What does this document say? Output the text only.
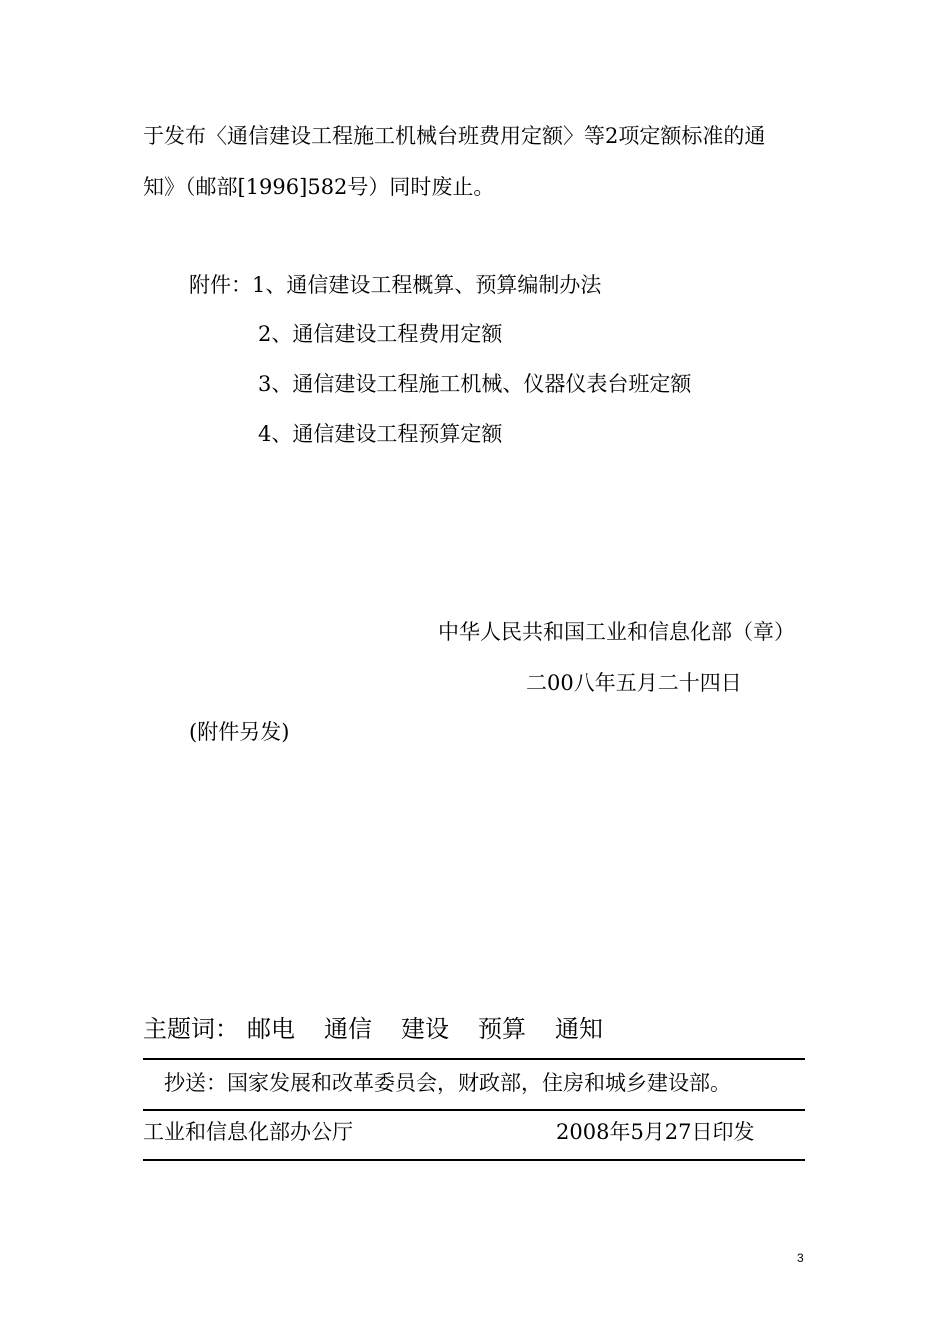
于发布〈通信建设工程施工机械台班费用定额〉等2项定额标准的通
知》（邮部[1996]582号）同时废止。
附件： 1、通信建设工程概算、预算编制办法
2、通信建设工程费用定额
3、通信建设工程施工机械、仪器仪表台班定额
4、通信建设工程预算定额
中华人民共和国工业和信息化部（章）
二00八年五月二十四日
(附件另发)
主题词： 邮电 通信 建设 预算 通知
抄送：国家发展和改革委员会，财政部，住房和城乡建设部。
工业和信息化部办公厅	2008年5月27日印发
3
